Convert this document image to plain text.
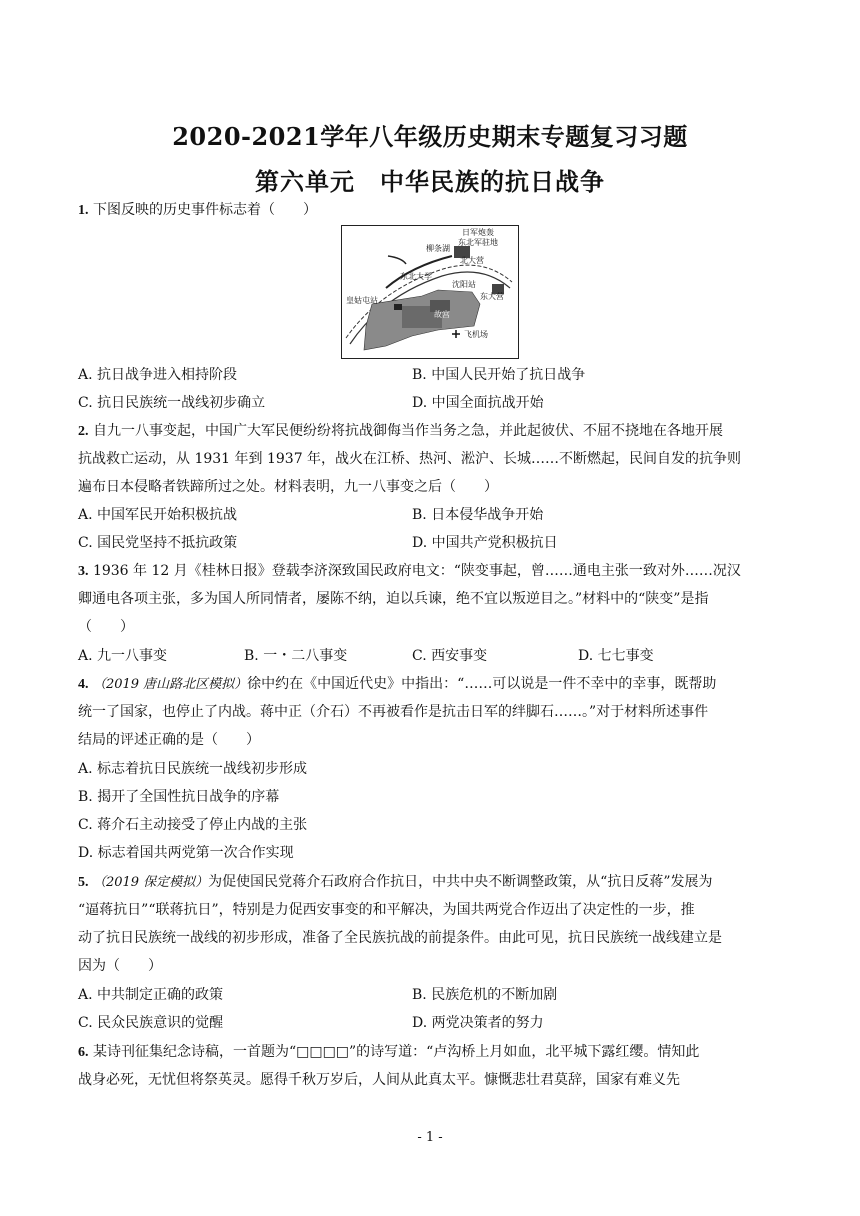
2020-2021学年八年级历史期末专题复习习题
第六单元　中华民族的抗日战争
1. 下图反映的历史事件标志着（　　）
日军炮轰
东北军驻地
柳条湖
北大营
东北大学
沈阳站
皇姑屯站	东大营
故宫
飞机场
A. 抗日战争进入相持阶段	B. 中国人民开始了抗日战争
C. 抗日民族统一战线初步确立	D. 中国全面抗战开始
2. 自九一八事变起，中国广大军民便纷纷将抗战御侮当作当务之急，并此起彼伏、不屈不挠地在各地开展
抗战救亡运动，从 1931 年到 1937 年，战火在江桥、热河、淞沪、长城……不断燃起，民间自发的抗争则
遍布日本侵略者铁蹄所过之处。材料表明，九一八事变之后（　　）
A. 中国军民开始积极抗战	B. 日本侵华战争开始
C. 国民党坚持不抵抗政策	D. 中国共产党积极抗日
3. 1936 年 12 月《桂林日报》登载李济深致国民政府电文：“陕变事起，曾……通电主张一致对外……况汉
卿通电各项主张，多为国人所同情者，屡陈不纳，迫以兵谏，绝不宜以叛逆目之。”材料中的“陕变”是指
（　　）
A. 九一八事变	B. 一・二八事变	C. 西安事变	D. 七七事变
4. （2019 唐山路北区模拟）徐中约在《中国近代史》中指出：“……可以说是一件不幸中的幸事，既帮助
统一了国家，也停止了内战。蒋中正（介石）不再被看作是抗击日军的绊脚石……。”对于材料所述事件
结局的评述正确的是（　　）
A. 标志着抗日民族统一战线初步形成
B. 揭开了全国性抗日战争的序幕
C. 蒋介石主动接受了停止内战的主张
D. 标志着国共两党第一次合作实现
5. （2019 保定模拟）为促使国民党蒋介石政府合作抗日，中共中央不断调整政策，从“抗日反蒋”发展为
“逼蒋抗日”“联蒋抗日”，特别是力促西安事变的和平解决，为国共两党合作迈出了决定性的一步，推
动了抗日民族统一战线的初步形成，准备了全民族抗战的前提条件。由此可见，抗日民族统一战线建立是
因为（　　）
A. 中共制定正确的政策	B. 民族危机的不断加剧
C. 民众民族意识的觉醒	D. 两党决策者的努力
6. 某诗刊征集纪念诗稿，一首题为“□□□□”的诗写道：“卢沟桥上月如血，北平城下露红缨。情知此
战身必死，无忧但将祭英灵。愿得千秋万岁后，人间从此真太平。慷慨悲壮君莫辞，国家有难义先
- 1 -
